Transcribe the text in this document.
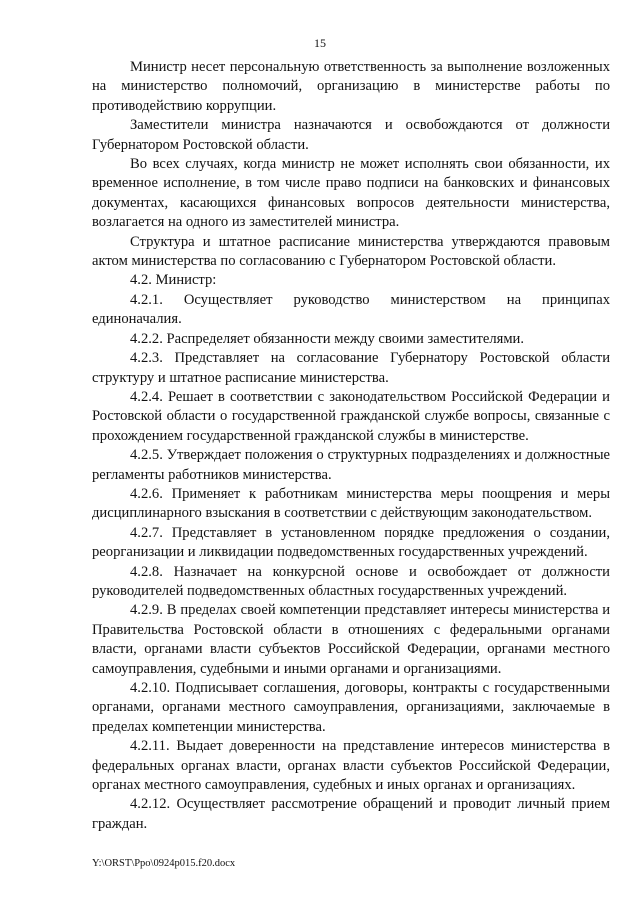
15

Министр несет персональную ответственность за выполнение возложенных на министерство полномочий, организацию в министерстве работы по противодействию коррупции.

Заместители министра назначаются и освобождаются от должности Губернатором Ростовской области.

Во всех случаях, когда министр не может исполнять свои обязанности, их временное исполнение, в том числе право подписи на банковских и финансовых документах, касающихся финансовых вопросов деятельности министерства, возлагается на одного из заместителей министра.

Структура и штатное расписание министерства утверждаются правовым актом министерства по согласованию с Губернатором Ростовской области.

4.2. Министр:

4.2.1. Осуществляет руководство министерством на принципах единоначалия.

4.2.2. Распределяет обязанности между своими заместителями.

4.2.3. Представляет на согласование Губернатору Ростовской области структуру и штатное расписание министерства.

4.2.4. Решает в соответствии с законодательством Российской Федерации и Ростовской области о государственной гражданской службе вопросы, связанные с прохождением государственной гражданской службы в министерстве.

4.2.5. Утверждает положения о структурных подразделениях и должностные регламенты работников министерства.

4.2.6. Применяет к работникам министерства меры поощрения и меры дисциплинарного взыскания в соответствии с действующим законодательством.

4.2.7. Представляет в установленном порядке предложения о создании, реорганизации и ликвидации подведомственных государственных учреждений.

4.2.8. Назначает на конкурсной основе и освобождает от должности руководителей подведомственных областных государственных учреждений.

4.2.9. В пределах своей компетенции представляет интересы министерства и Правительства Ростовской области в отношениях с федеральными органами власти, органами власти субъектов Российской Федерации, органами местного самоуправления, судебными и иными органами и организациями.

4.2.10. Подписывает соглашения, договоры, контракты с государственными органами, органами местного самоуправления, организациями, заключаемые в пределах компетенции министерства.

4.2.11. Выдает доверенности на представление интересов министерства в федеральных органах власти, органах власти субъектов Российской Федерации, органах местного самоуправления, судебных и иных органах и организациях.

4.2.12. Осуществляет рассмотрение обращений и проводит личный прием граждан.

Y:\ORST\Ppo\0924p015.f20.docx
